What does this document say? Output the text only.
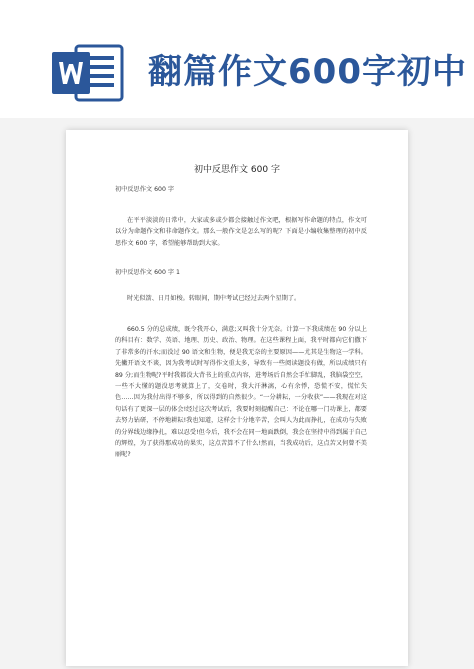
翻篇作文600字初中
初中反思作文 600 字
初中反思作文 600 字
在平平淡淡的日常中，大家或多或少都会接触过作文吧，根据写作命题的特点，作文可以分为命题作文和非命题作文。那么一般作文是怎么写的呢？下面是小编收集整理的初中反思作文 600 字，希望能够帮助到大家。
初中反思作文 600 字 1
时光似箭、日月如梭。转眼间，期中考试已经过去两个星期了。
660.5 分的总成绩，既令我开心，满意;又叫我十分无奈。计算一下我成绩在 90 分以上的科目有：数学、英语、地理、历史、政治、物理。在这些课程上面，我平时都向它们撒下了非常多的汗水;而没过 90 语文和生物，便是我无奈的主要原因——尤其是生物这一学科。先撇开语文不谈，因为我考试时写得作文重太多，导致有一些阅读题没有做，所以成绩只有 89 分;而生物呢?平时我都没大背书上的重点内容，进考场后自然会手忙脚乱，我脑袋空空，一些不大懂的题没思考就算上了，交卷时，我大汗淋漓，心有余悸，恐慌不安，慌忙失色……因为我付出得不够多，所以得到的自然很少。“一分耕耘，一分收获”——我现在对这句话有了更深一层的体会!经过这次考试后，我要时刻提醒自己：不论在哪一门功课上，都要去努力钻研，不停地耕耘!我也知道，这样会十分地辛苦，会叫人为此而挣扎，在成功与失败的分界线边缘挣扎，难以忍受!但今后，我不会在同一地面跌倒，我会在坚持中得到属于自己的辉煌，为了获得那成功的果实，这点苦算不了什么!然而，当我成功后，这点苦又何曾不美丽呢?
